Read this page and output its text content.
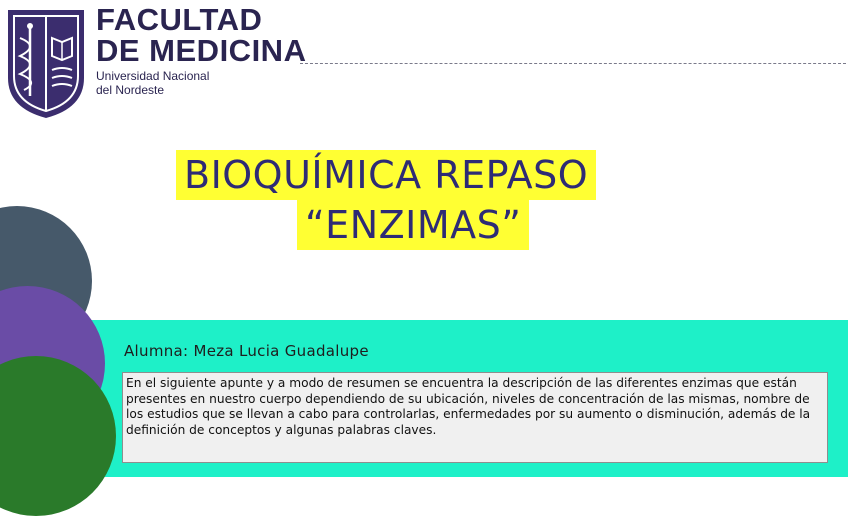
FACULTAD
DE MEDICINA
Universidad Nacional
del Nordeste
BIOQUÍMICA REPASO
“ENZIMAS”
Alumna: Meza Lucia Guadalupe
En el siguiente apunte y a modo de resumen se encuentra la descripción de las diferentes enzimas que están presentes en nuestro cuerpo dependiendo de su ubicación, niveles de concentración de las mismas, nombre de los estudios que se llevan a cabo para controlarlas, enfermedades por su aumento o disminución, además de la definición de conceptos y algunas palabras claves.
